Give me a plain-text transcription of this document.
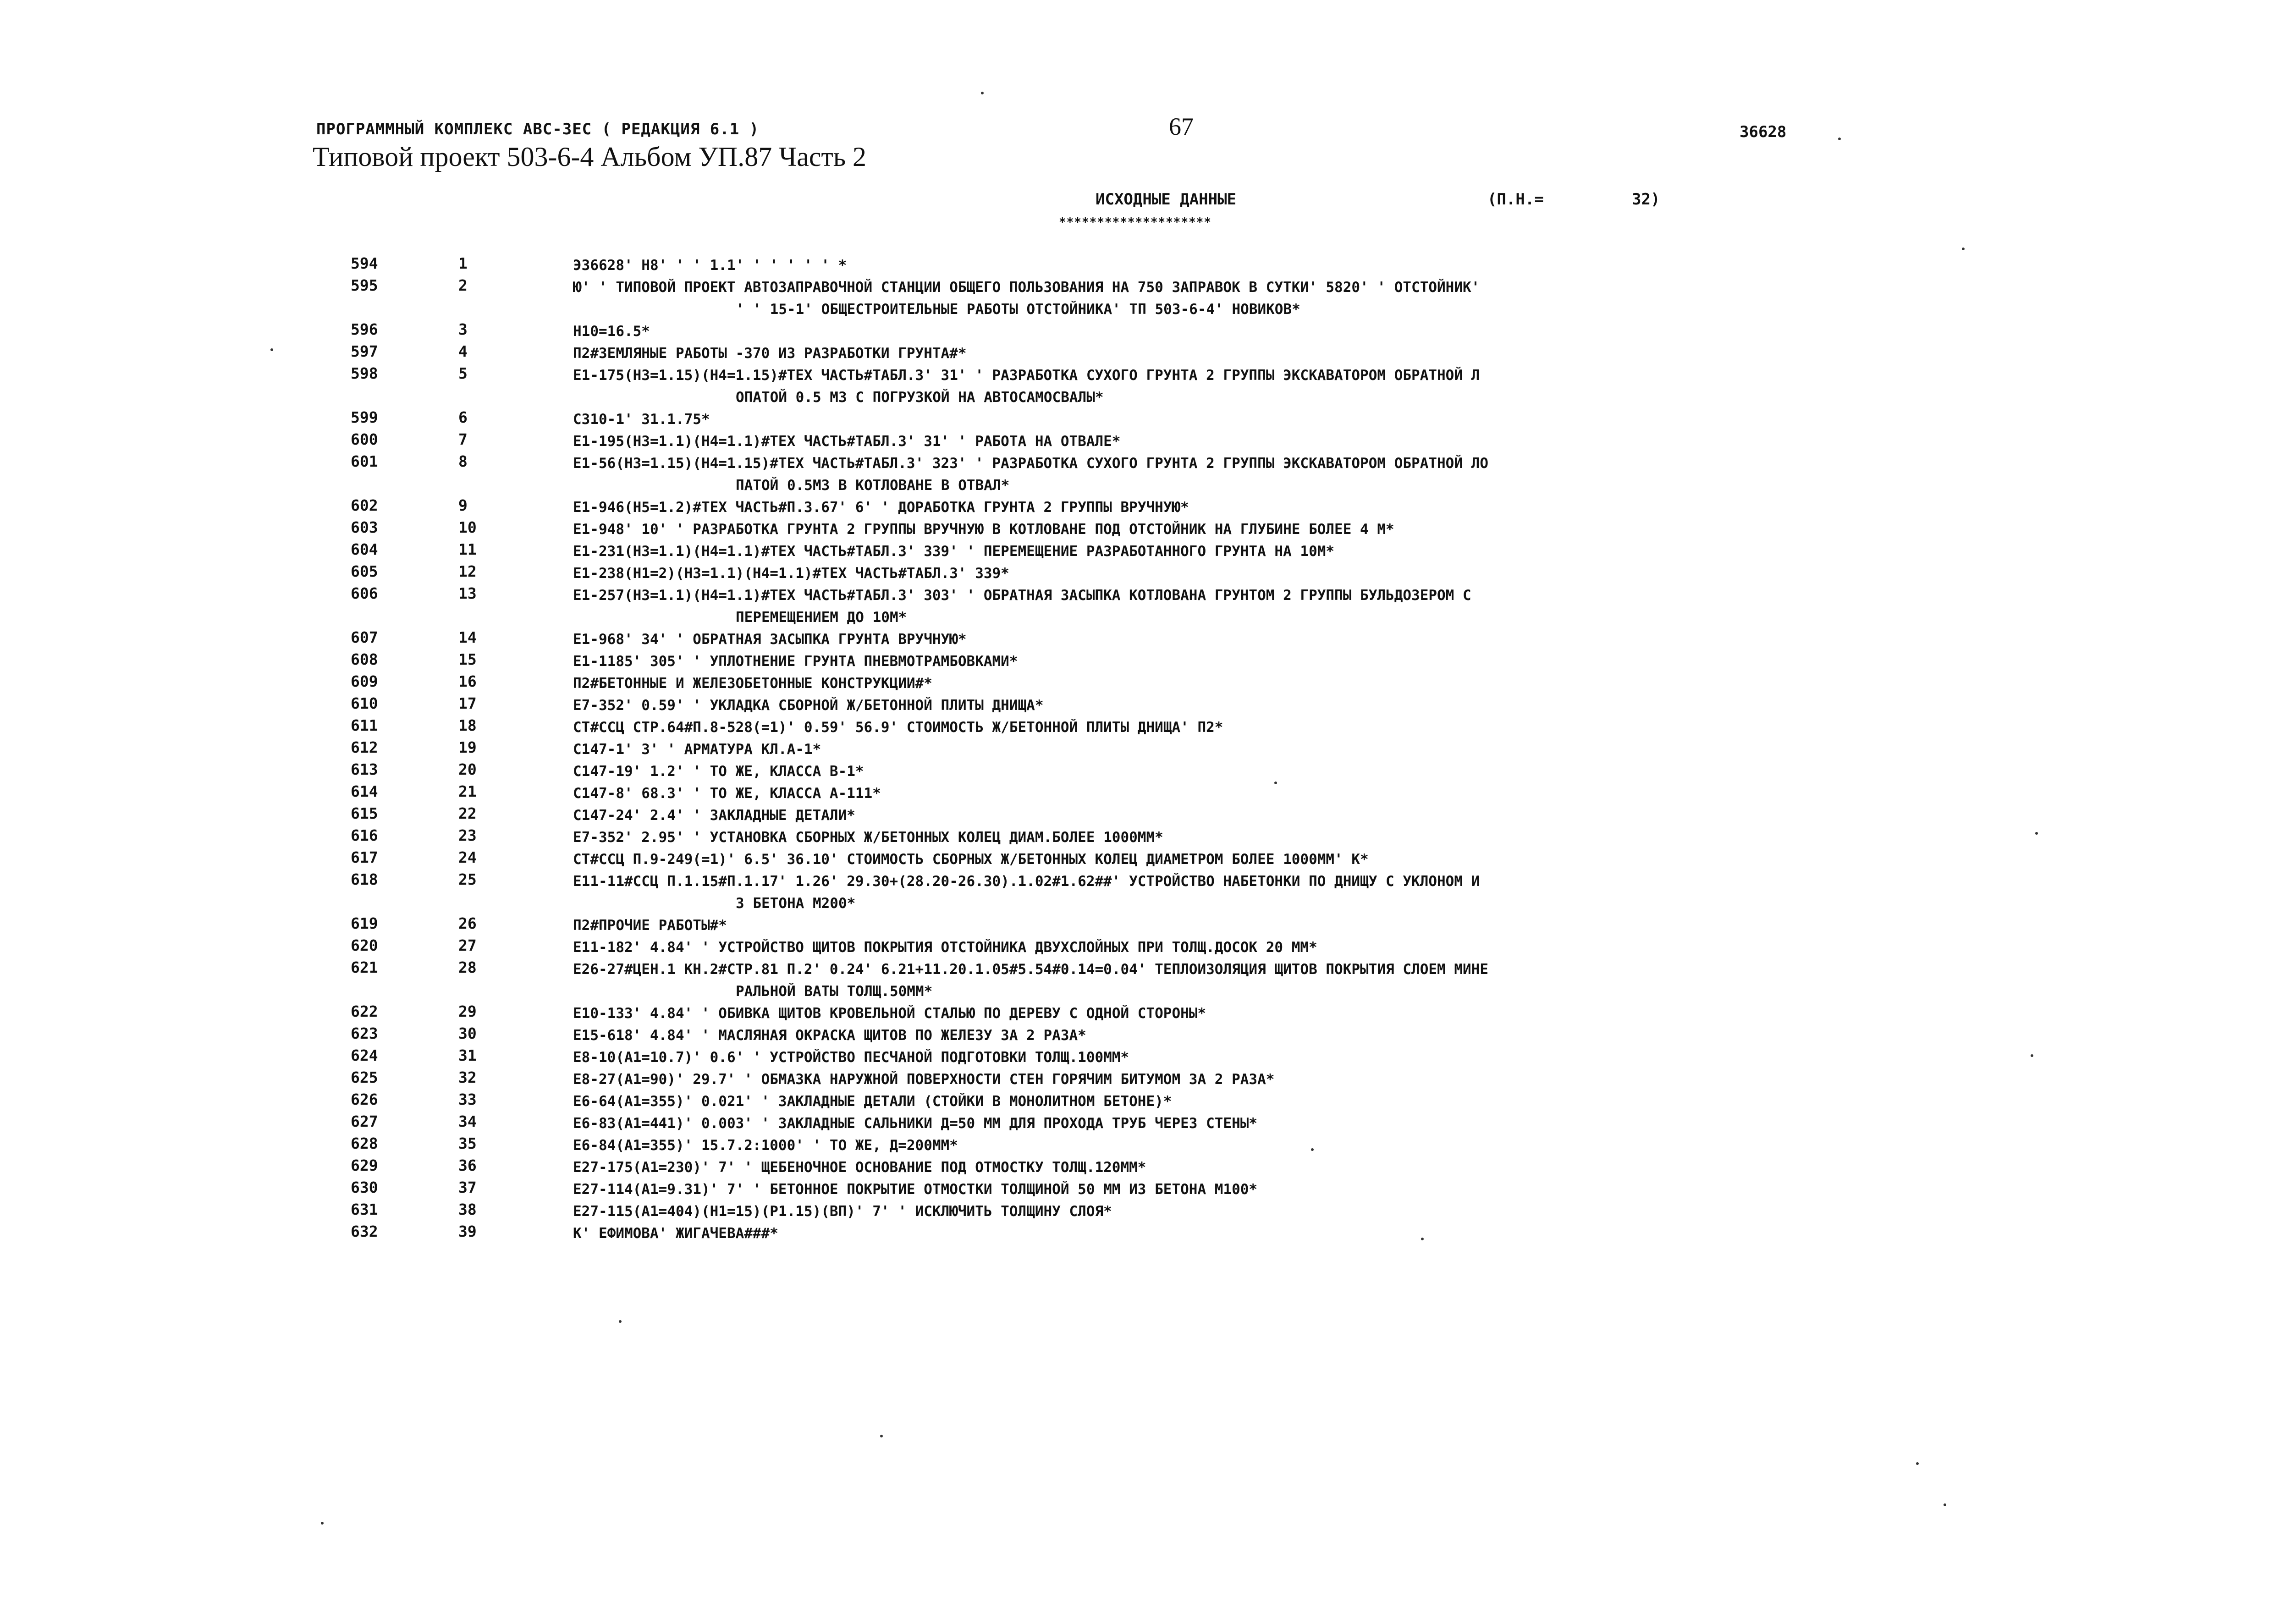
ПРОГРАММНЫЙ КОМПЛЕКС АВС-3ЕС ( РЕДАКЦИЯ 6.1 )
Типовой проект 503-6-4 Альбом УП.87 Часть 2
67	36628
ИСХОДНЫЕ ДАННЫЕ
********************
(П.Н.=	32)
594	1	Э36628' Н8' ' ' 1.1' ' ' ' ' ' *
595	2	Ю' ' ТИПОВОЙ ПРОЕКТ АВТОЗАПРАВОЧНОЙ СТАНЦИИ ОБЩЕГО ПОЛЬЗОВАНИЯ НА 750 ЗАПРАВОК В СУТКИ' 5820' ' ОТСТОЙНИК'
' ' 15-1' ОБЩЕСТРОИТЕЛЬНЫЕ РАБОТЫ ОТСТОЙНИКА' ТП 503-6-4' НОВИКОВ*
596	3	Н10=16.5*
597	4	П2#ЗЕМЛЯНЫЕ РАБОТЫ -370 ИЗ РАЗРАБОТКИ ГРУНТА#*
598	5	Е1-175(Н3=1.15)(Н4=1.15)#ТЕХ ЧАСТЬ#ТАБЛ.3' 31' ' РАЗРАБОТКА СУХОГО ГРУНТА 2 ГРУППЫ ЭКСКАВАТОРОМ ОБРАТНОЙ Л
ОПАТОЙ 0.5 М3 С ПОГРУЗКОЙ НА АВТОСАМОСВАЛЫ*
599	6	С310-1' 31.1.75*
600	7	Е1-195(Н3=1.1)(Н4=1.1)#ТЕХ ЧАСТЬ#ТАБЛ.3' 31' ' РАБОТА НА ОТВАЛЕ*
601	8	Е1-56(Н3=1.15)(Н4=1.15)#ТЕХ ЧАСТЬ#ТАБЛ.3' 323' ' РАЗРАБОТКА СУХОГО ГРУНТА 2 ГРУППЫ ЭКСКАВАТОРОМ ОБРАТНОЙ ЛО
ПАТОЙ 0.5М3 В КОТЛОВАНЕ В ОТВАЛ*
602	9	Е1-946(Н5=1.2)#ТЕХ ЧАСТЬ#П.3.67' 6' ' ДОРАБОТКА ГРУНТА 2 ГРУППЫ ВРУЧНУЮ*
603	10	Е1-948' 10' ' РАЗРАБОТКА ГРУНТА 2 ГРУППЫ ВРУЧНУЮ В КОТЛОВАНЕ ПОД ОТСТОЙНИК НА ГЛУБИНЕ БОЛЕЕ 4 М*
604	11	Е1-231(Н3=1.1)(Н4=1.1)#ТЕХ ЧАСТЬ#ТАБЛ.3' 339' ' ПЕРЕМЕЩЕНИЕ РАЗРАБОТАННОГО ГРУНТА НА 10М*
605	12	Е1-238(Н1=2)(Н3=1.1)(Н4=1.1)#ТЕХ ЧАСТЬ#ТАБЛ.3' 339*
606	13	Е1-257(Н3=1.1)(Н4=1.1)#ТЕХ ЧАСТЬ#ТАБЛ.3' 303' ' ОБРАТНАЯ ЗАСЫПКА КОТЛОВАНА ГРУНТОМ 2 ГРУППЫ БУЛЬДОЗЕРОМ С
ПЕРЕМЕЩЕНИЕМ ДО 10М*
607	14	Е1-968' 34' ' ОБРАТНАЯ ЗАСЫПКА ГРУНТА ВРУЧНУЮ*
608	15	Е1-1185' 305' ' УПЛОТНЕНИЕ ГРУНТА ПНЕВМОТРАМБОВКАМИ*
609	16	П2#БЕТОННЫЕ И ЖЕЛЕЗОБЕТОННЫЕ КОНСТРУКЦИИ#*
610	17	Е7-352' 0.59' ' УКЛАДКА СБОРНОЙ Ж/БЕТОННОЙ ПЛИТЫ ДНИЩА*
611	18	СТ#ССЦ СТР.64#П.8-528(=1)' 0.59' 56.9' СТОИМОСТЬ Ж/БЕТОННОЙ ПЛИТЫ ДНИЩА' П2*
612	19	С147-1' 3' ' АРМАТУРА КЛ.А-1*
613	20	С147-19' 1.2' ' ТО ЖЕ, КЛАССА В-1*
614	21	С147-8' 68.3' ' ТО ЖЕ, КЛАССА А-111*
615	22	С147-24' 2.4' ' ЗАКЛАДНЫЕ ДЕТАЛИ*
616	23	Е7-352' 2.95' ' УСТАНОВКА СБОРНЫХ Ж/БЕТОННЫХ КОЛЕЦ ДИАМ.БОЛЕЕ 1000ММ*
617	24	СТ#ССЦ П.9-249(=1)' 6.5' 36.10' СТОИМОСТЬ СБОРНЫХ Ж/БЕТОННЫХ КОЛЕЦ ДИАМЕТРОМ БОЛЕЕ 1000ММ' К*
618	25	Е11-11#ССЦ П.1.15#П.1.17' 1.26' 29.30+(28.20-26.30).1.02#1.62##' УСТРОЙСТВО НАБЕТОНКИ ПО ДНИЩУ С УКЛОНОМ И
З БЕТОНА М200*
619	26	П2#ПРОЧИЕ РАБОТЫ#*
620	27	Е11-182' 4.84' ' УСТРОЙСТВО ЩИТОВ ПОКРЫТИЯ ОТСТОЙНИКА ДВУХСЛОЙНЫХ ПРИ ТОЛЩ.ДОСОК 20 ММ*
621	28	Е26-27#ЦЕН.1 КН.2#СТР.81 П.2' 0.24' 6.21+11.20.1.05#5.54#0.14=0.04' ТЕПЛОИЗОЛЯЦИЯ ЩИТОВ ПОКРЫТИЯ СЛОЕМ МИНЕ
РАЛЬНОЙ ВАТЫ ТОЛЩ.50ММ*
622	29	Е10-133' 4.84' ' ОБИВКА ЩИТОВ КРОВЕЛЬНОЙ СТАЛЬЮ ПО ДЕРЕВУ С ОДНОЙ СТОРОНЫ*
623	30	Е15-618' 4.84' ' МАСЛЯНАЯ ОКРАСКА ЩИТОВ ПО ЖЕЛЕЗУ ЗА 2 РАЗА*
624	31	Е8-10(А1=10.7)' 0.6' ' УСТРОЙСТВО ПЕСЧАНОЙ ПОДГОТОВКИ ТОЛЩ.100ММ*
625	32	Е8-27(А1=90)' 29.7' ' ОБМАЗКА НАРУЖНОЙ ПОВЕРХНОСТИ СТЕН ГОРЯЧИМ БИТУМОМ ЗА 2 РАЗА*
626	33	Е6-64(А1=355)' 0.021' ' ЗАКЛАДНЫЕ ДЕТАЛИ (СТОЙКИ В МОНОЛИТНОМ БЕТОНЕ)*
627	34	Е6-83(А1=441)' 0.003' ' ЗАКЛАДНЫЕ САЛЬНИКИ Д=50 ММ ДЛЯ ПРОХОДА ТРУБ ЧЕРЕЗ СТЕНЫ*
628	35	Е6-84(А1=355)' 15.7.2:1000' ' ТО ЖЕ, Д=200ММ*
629	36	Е27-175(А1=230)' 7' ' ЩЕБЕНОЧНОЕ ОСНОВАНИЕ ПОД ОТМОСТКУ ТОЛЩ.120ММ*
630	37	Е27-114(А1=9.31)' 7' ' БЕТОННОЕ ПОКРЫТИЕ ОТМОСТКИ ТОЛЩИНОЙ 50 ММ ИЗ БЕТОНА М100*
631	38	Е27-115(А1=404)(Н1=15)(Р1.15)(ВП)' 7' ' ИСКЛЮЧИТЬ ТОЛЩИНУ СЛОЯ*
632	39	К' ЕФИМОВА' ЖИГАЧЕВА###*
